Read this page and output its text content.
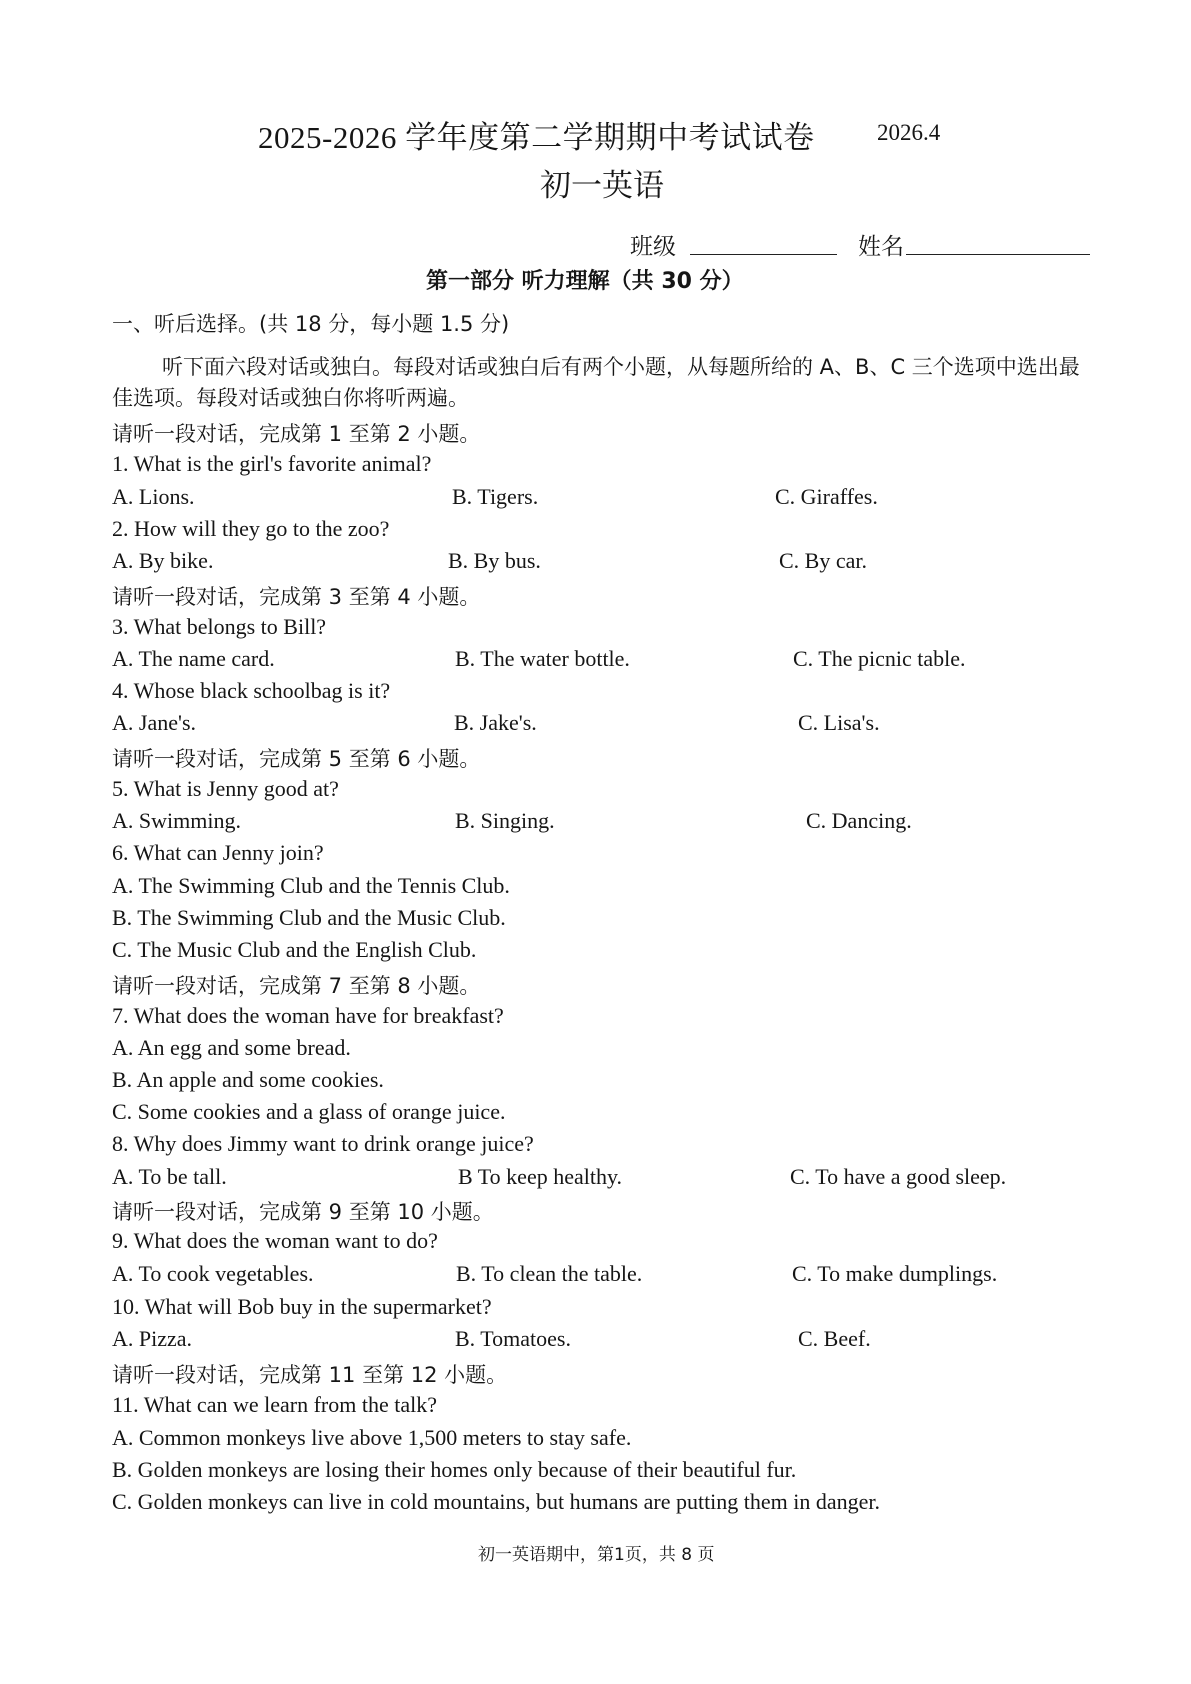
2025-2026 学年度第二学期期中考试试卷	2026.4
初一英语
班级	姓名
第一部分 听力理解（共 30 分）
一、听后选择。(共 18 分，每小题 1.5 分)
听下面六段对话或独白。每段对话或独白后有两个小题，从每题所给的 A、B、C 三个选项中选出最佳选项。每段对话或独白你将听两遍。
请听一段对话，完成第 1 至第 2 小题。
请听一段对话，完成第 3 至第 4 小题。
请听一段对话，完成第 5 至第 6 小题。
请听一段对话，完成第 7 至第 8 小题。
请听一段对话，完成第 9 至第 10 小题。
请听一段对话，完成第 11 至第 12 小题。
1. What is the girl's favorite animal?
A. Lions.	B. Tigers.	C. Giraffes.
2. How will they go to the zoo?
A. By bike.	B. By bus.	C. By car.
3. What belongs to Bill?
A. The name card.	B. The water bottle.	C. The picnic table.
4. Whose black schoolbag is it?
A. Jane's.	B. Jake's.	C. Lisa's.
5. What is Jenny good at?
A. Swimming.	B. Singing.	C. Dancing.
6. What can Jenny join?
A. The Swimming Club and the Tennis Club.
B. The Swimming Club and the Music Club.
C. The Music Club and the English Club.
7. What does the woman have for breakfast?
A. An egg and some bread.
B. An apple and some cookies.
C. Some cookies and a glass of orange juice.
8. Why does Jimmy want to drink orange juice?
A. To be tall.	B To keep healthy.	C. To have a good sleep.
9. What does the woman want to do?
A. To cook vegetables.	B. To clean the table.	C. To make dumplings.
10. What will Bob buy in the supermarket?
A. Pizza.	B. Tomatoes.	C. Beef.
11. What can we learn from the talk?
A. Common monkeys live above 1,500 meters to stay safe.
B. Golden monkeys are losing their homes only because of their beautiful fur.
C. Golden monkeys can live in cold mountains, but humans are putting them in danger.
初一英语期中，第1页，共 8 页
